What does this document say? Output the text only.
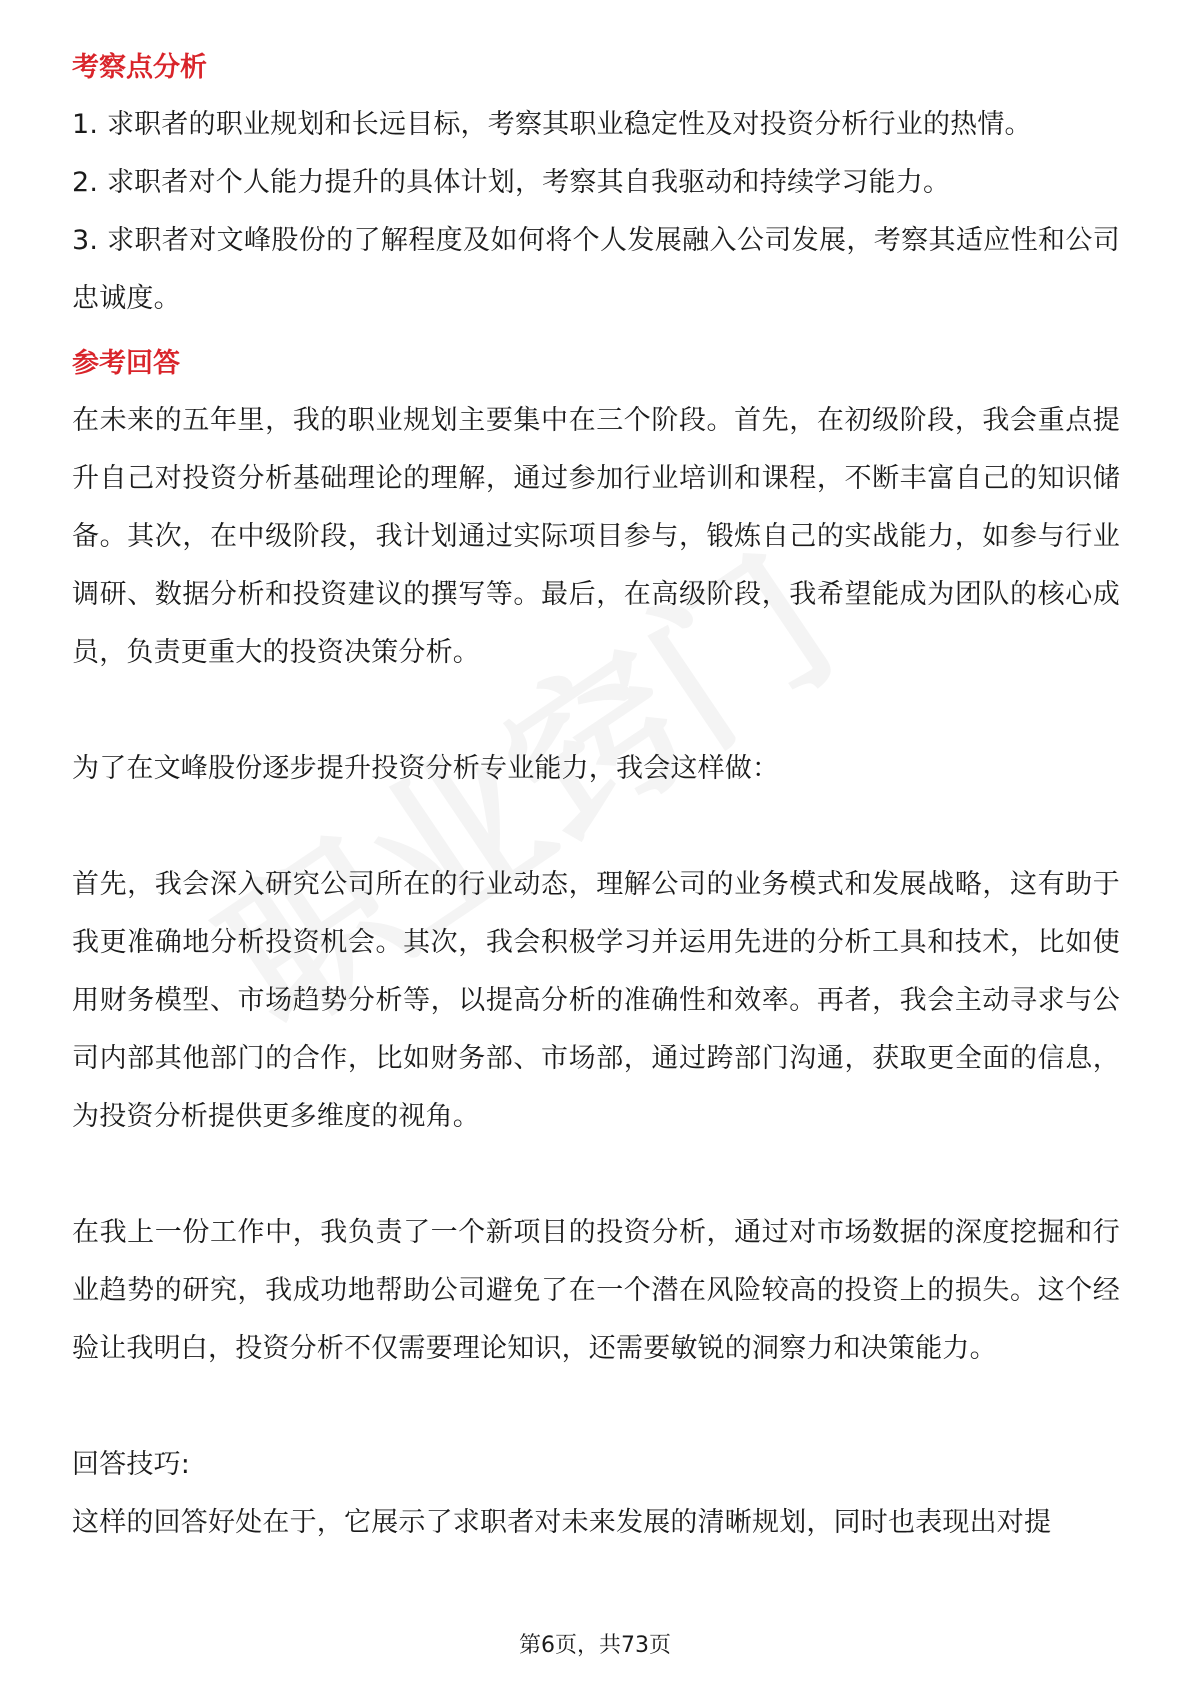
考察点分析

1. 求职者的职业规划和长远目标，考察其职业稳定性及对投资分析行业的热情。

2. 求职者对个人能力提升的具体计划，考察其自我驱动和持续学习能力。

3. 求职者对文峰股份的了解程度及如何将个人发展融入公司发展，考察其适应性和公司忠诚度。

参考回答

在未来的五年里，我的职业规划主要集中在三个阶段。首先，在初级阶段，我会重点提升自己对投资分析基础理论的理解，通过参加行业培训和课程，不断丰富自己的知识储备。其次，在中级阶段，我计划通过实际项目参与，锻炼自己的实战能力，如参与行业调研、数据分析和投资建议的撰写等。最后，在高级阶段，我希望能成为团队的核心成员，负责更重大的投资决策分析。

为了在文峰股份逐步提升投资分析专业能力，我会这样做：

首先，我会深入研究公司所在的行业动态，理解公司的业务模式和发展战略，这有助于我更准确地分析投资机会。其次，我会积极学习并运用先进的分析工具和技术，比如使用财务模型、市场趋势分析等，以提高分析的准确性和效率。再者，我会主动寻求与公司内部其他部门的合作，比如财务部、市场部，通过跨部门沟通，获取更全面的信息，为投资分析提供更多维度的视角。

在我上一份工作中，我负责了一个新项目的投资分析，通过对市场数据的深度挖掘和行业趋势的研究，我成功地帮助公司避免了在一个潜在风险较高的投资上的损失。这个经验让我明白，投资分析不仅需要理论知识，还需要敏锐的洞察力和决策能力。

回答技巧:

这样的回答好处在于，它展示了求职者对未来发展的清晰规划，同时也表现出对提

第6页，共73页
